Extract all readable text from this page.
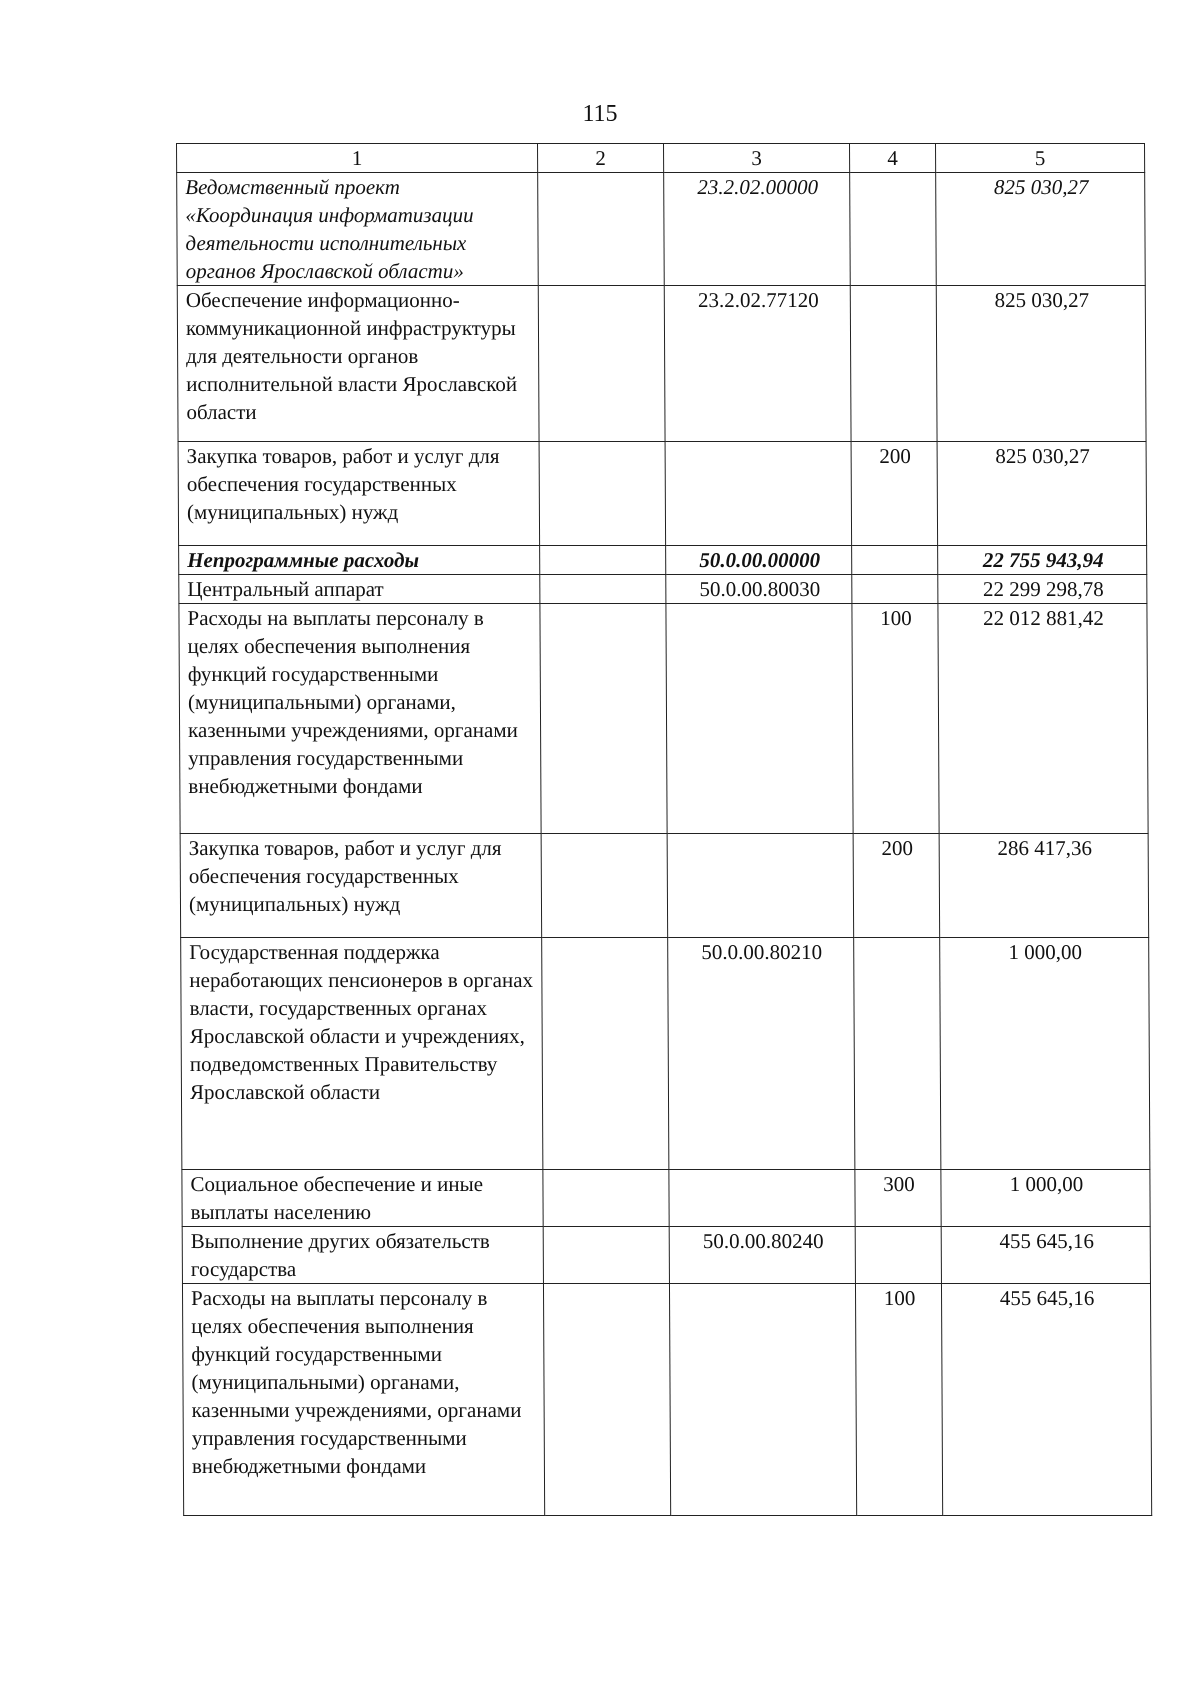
115
1	2	3	4	5
Ведомственный проект «Координация информатизации деятельности исполнительных органов Ярославской области»		23.2.02.00000		825 030,27
Обеспечение информационно-коммуникационной инфраструктуры для деятельности органов исполнительной власти Ярославской области		23.2.02.77120		825 030,27
Закупка товаров, работ и услуг для обеспечения государственных (муниципальных) нужд			200	825 030,27
Непрограммные расходы		50.0.00.00000		22 755 943,94
Центральный аппарат		50.0.00.80030		22 299 298,78
Расходы на выплаты персоналу в целях обеспечения выполнения функций государственными (муниципальными) органами, казенными учреждениями, органами управления государственными внебюджетными фондами			100	22 012 881,42
Закупка товаров, работ и услуг для обеспечения государственных (муниципальных) нужд			200	286 417,36
Государственная поддержка неработающих пенсионеров в органах власти, государственных органах Ярославской области и учреждениях, подведомственных Правительству Ярославской области		50.0.00.80210		1 000,00
Социальное обеспечение и иные выплаты населению			300	1 000,00
Выполнение других обязательств государства		50.0.00.80240		455 645,16
Расходы на выплаты персоналу в целях обеспечения выполнения функций государственными (муниципальными) органами, казенными учреждениями, органами управления государственными внебюджетными фондами			100	455 645,16
